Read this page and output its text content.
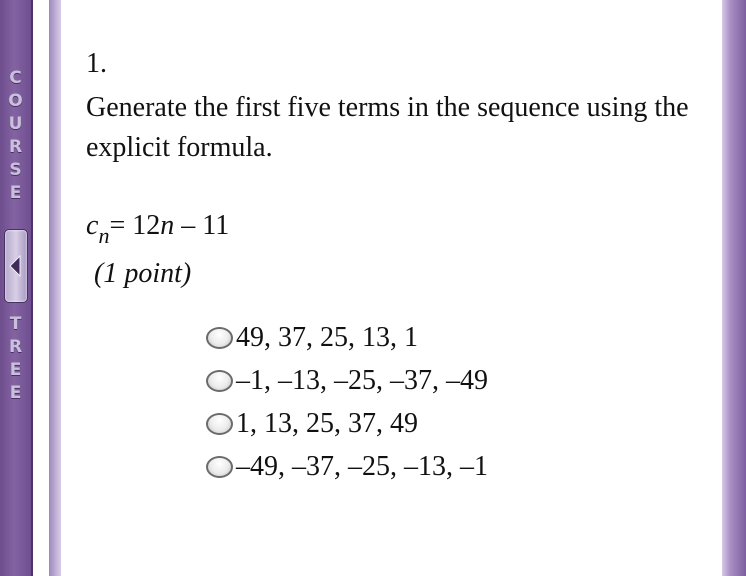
C
O
U
R
S
E
T
R
E
E
1.
Generate the first five terms in the sequence using the explicit formula.
$c_n= 12n - 11$
(1 point)
49, 37, 25, 13, 1
–1, –13, –25, –37, –49
1, 13, 25, 37, 49
–49, –37, –25, –13, –1
